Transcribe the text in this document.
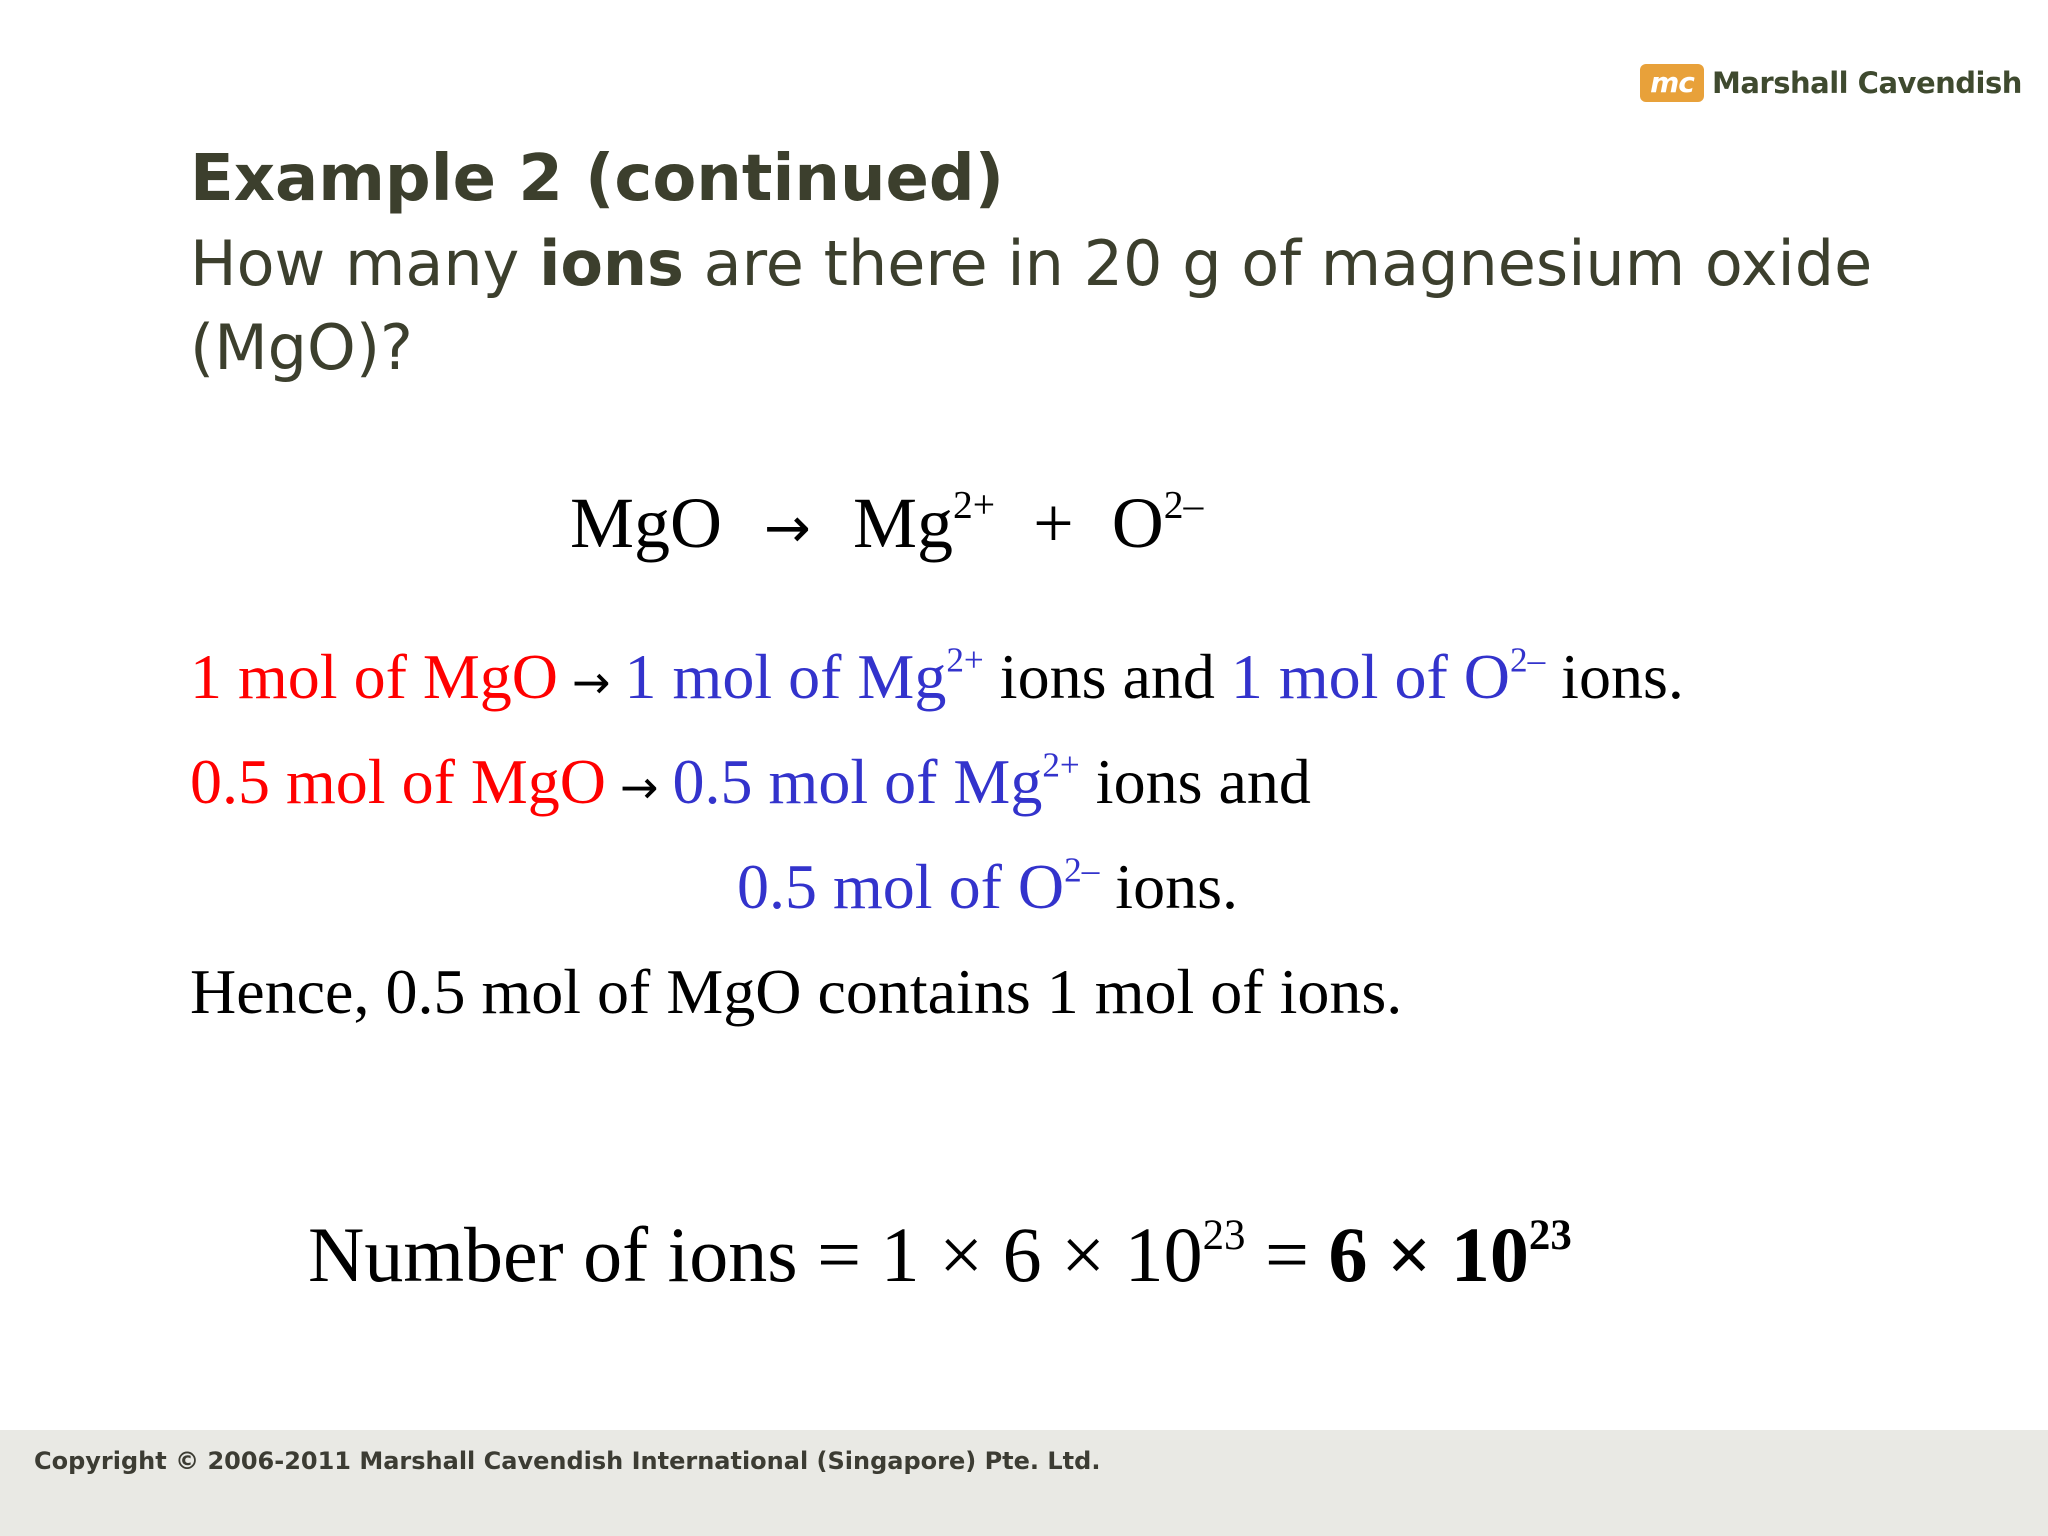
mc Marshall Cavendish
Example 2 (continued)
How many ions are there in 20 g of magnesium oxide (MgO)?
MgO → $Mg^{2+} + O^{2-}$
1 mol of MgO → 1 mol of $Mg^{2+}$ ions and 1 mol of $O^{2-}$ ions.
0.5 mol of MgO → 0.5 mol of $Mg^{2+}$ ions and
0.5 mol of $O^{2-}$ ions.
Hence, 0.5 mol of MgO contains 1 mol of ions.
Number of ions = $1 \times 6 \times 10^{23} = 6 \times 10^{23}$
Copyright © 2006-2011 Marshall Cavendish International (Singapore) Pte. Ltd.
